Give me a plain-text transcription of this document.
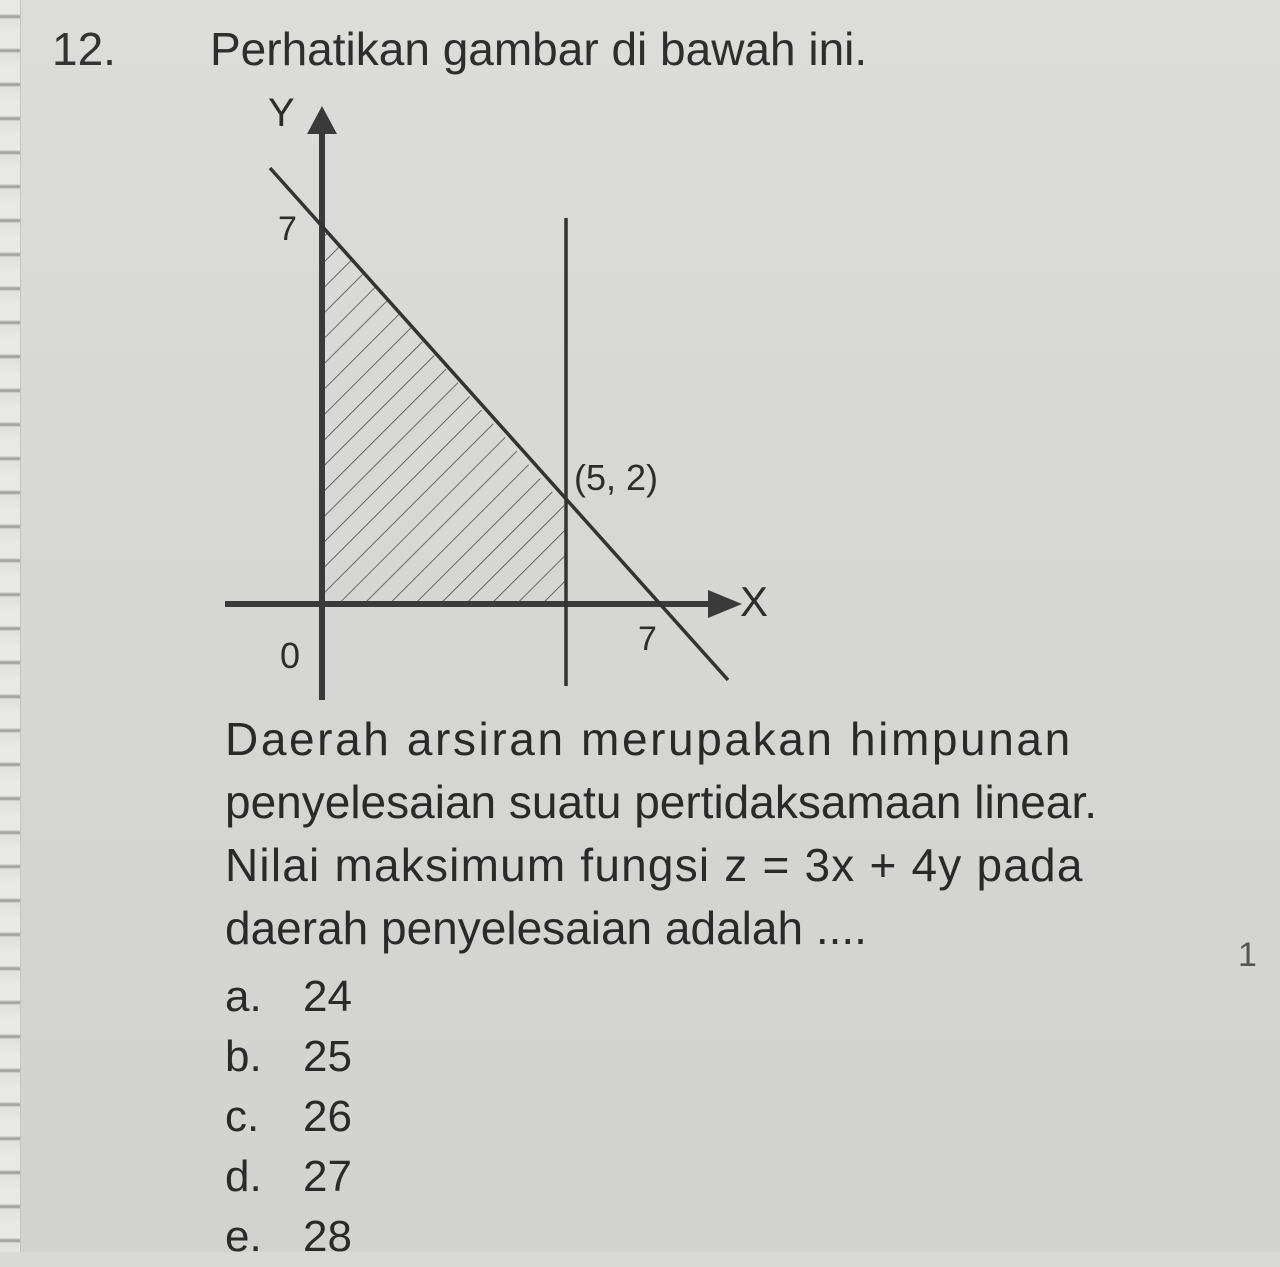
12. Perhatikan gambar di bawah ini.
Y
X
0
7
7
(5, 2)
Daerah arsiran merupakan himpunan
penyelesaian suatu pertidaksamaan linear.
Nilai maksimum fungsi z = 3x + 4y pada
daerah penyelesaian adalah ....
a. 24
b. 25
c. 26
d. 27
e. 28
1
